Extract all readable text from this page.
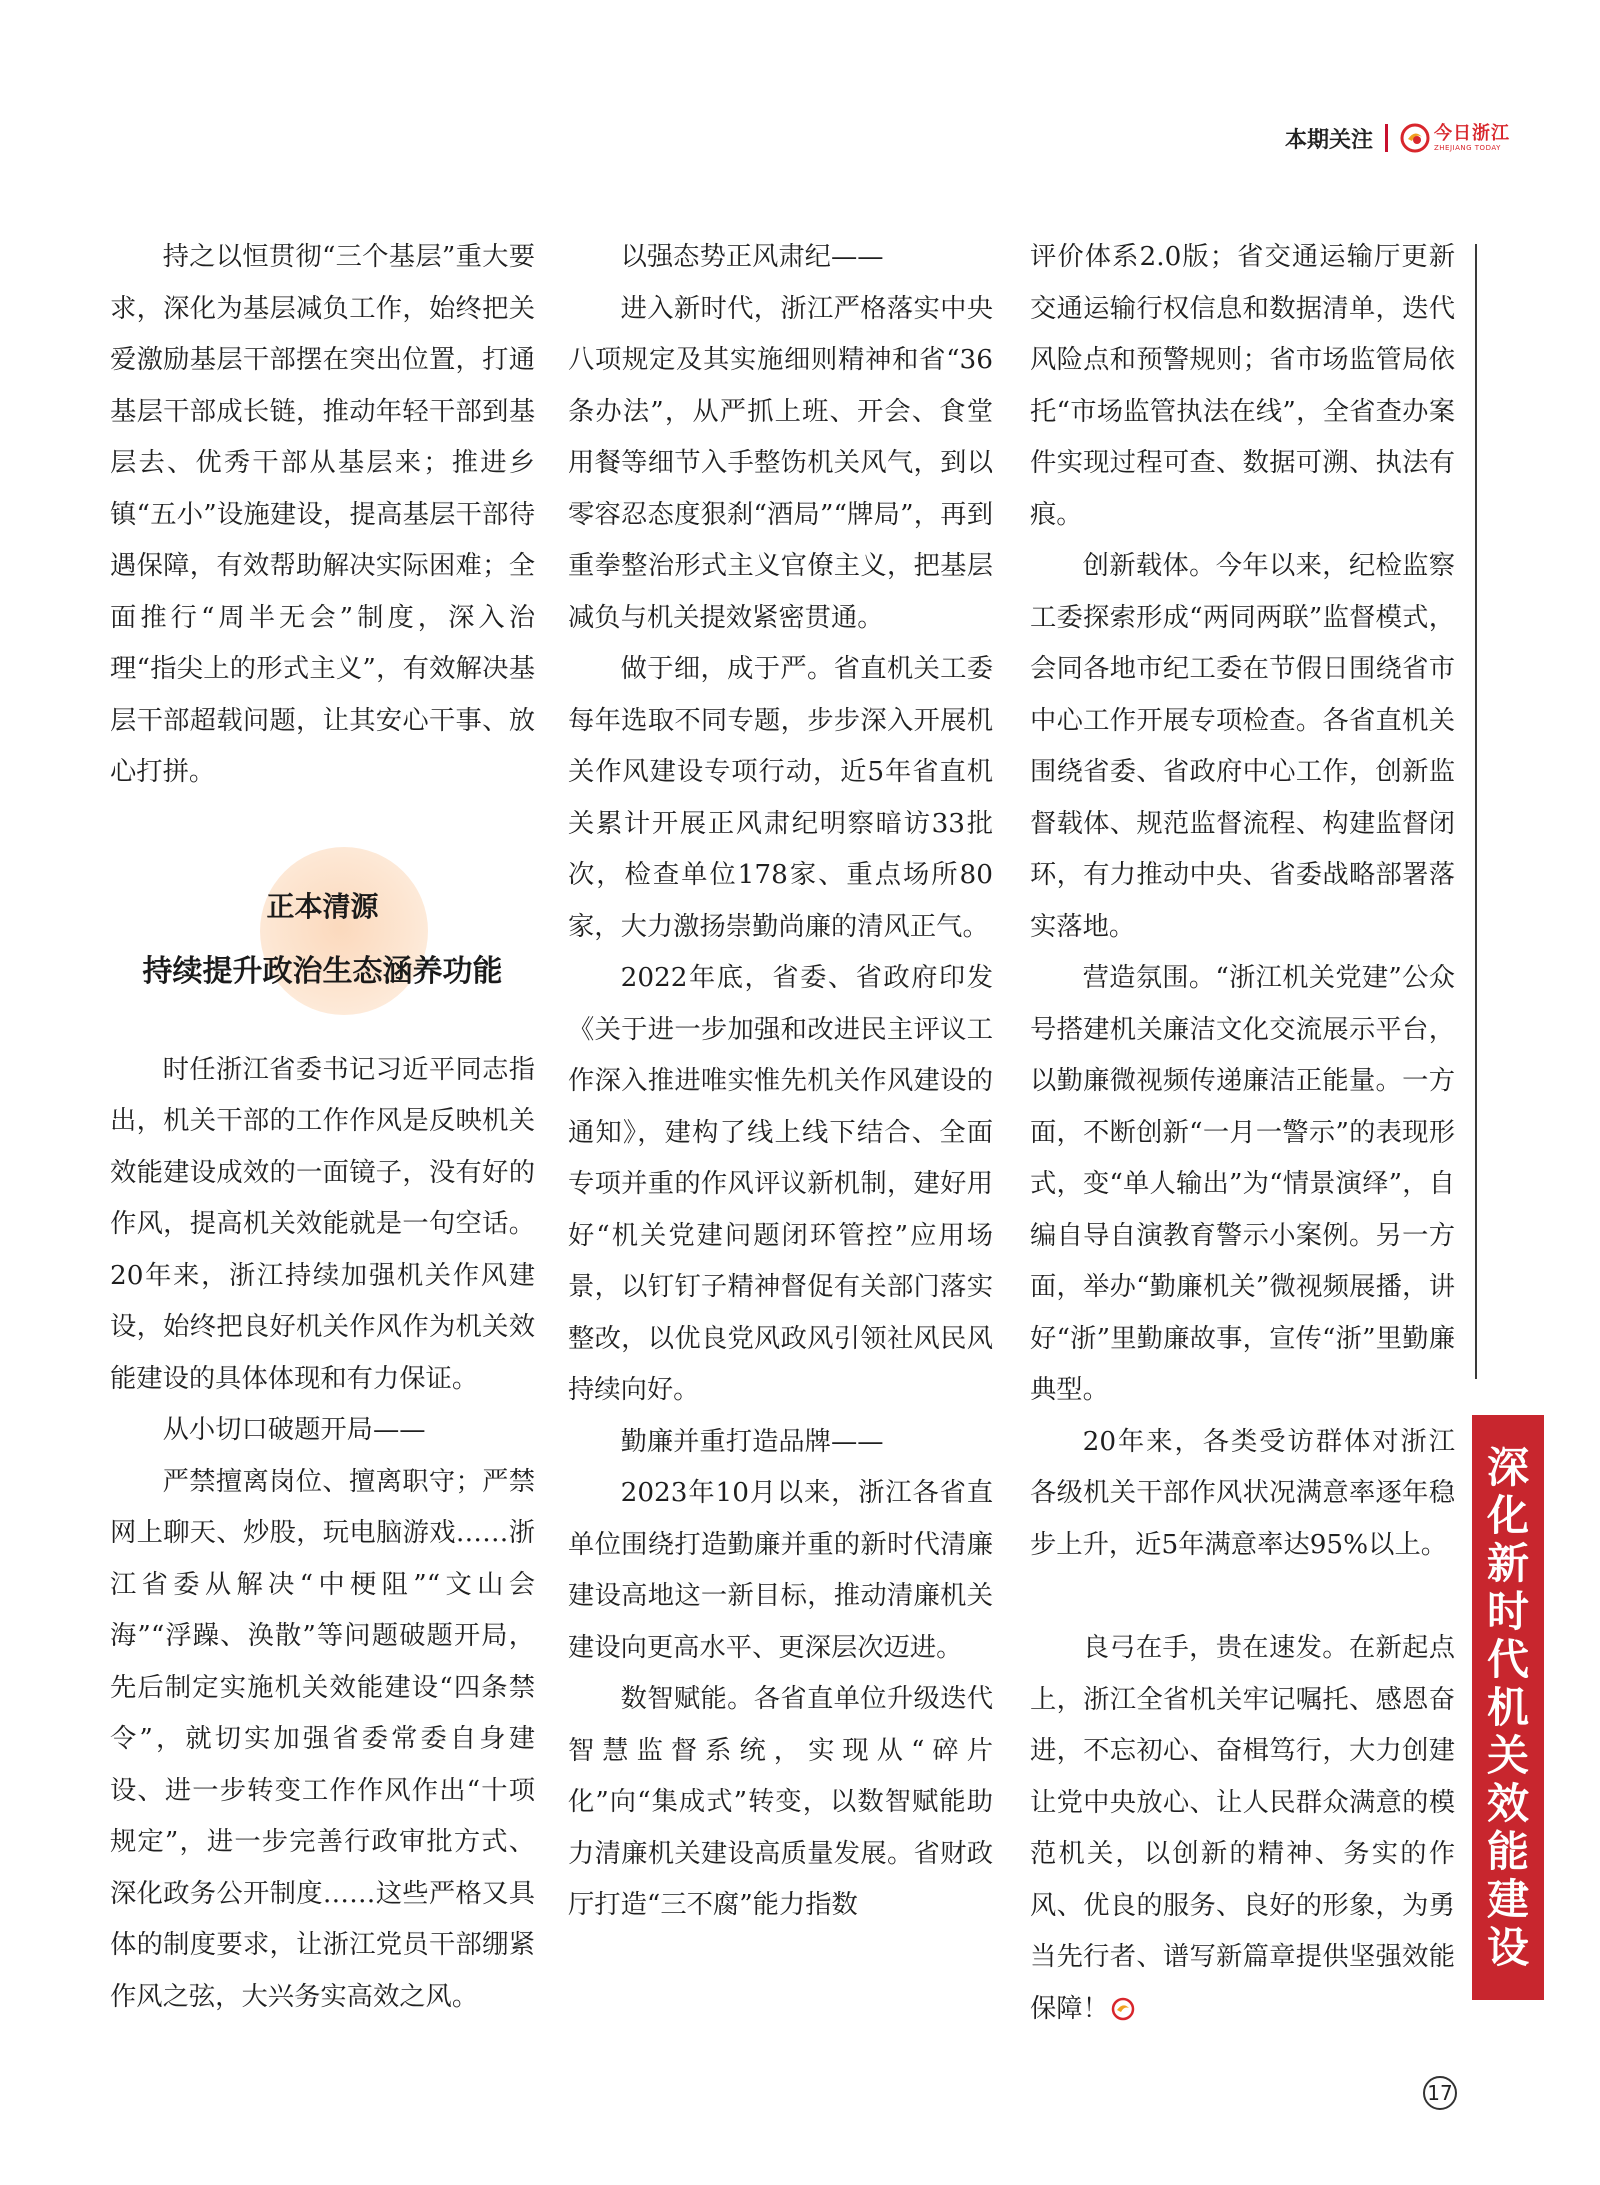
本期关注	今日浙江
ZHEJIANG TODAY

持之以恒贯彻“三个基层”重大要求，深化为基层减负工作，始终把关爱激励基层干部摆在突出位置，打通基层干部成长链，推动年轻干部到基层去、优秀干部从基层来；推进乡镇“五小”设施建设，提高基层干部待遇保障，有效帮助解决实际困难；全面推行“周半无会”制度，深入治理“指尖上的形式主义”，有效解决基层干部超载问题，让其安心干事、放心打拼。

正本清源
持续提升政治生态涵养功能

时任浙江省委书记习近平同志指出，机关干部的工作作风是反映机关效能建设成效的一面镜子，没有好的作风，提高机关效能就是一句空话。20年来，浙江持续加强机关作风建设，始终把良好机关作风作为机关效能建设的具体体现和有力保证。

从小切口破题开局——

严禁擅离岗位、擅离职守；严禁网上聊天、炒股，玩电脑游戏……浙江省委从解决“中梗阻”“文山会海”“浮躁、涣散”等问题破题开局，先后制定实施机关效能建设“四条禁令”，就切实加强省委常委自身建设、进一步转变工作作风作出“十项规定”，进一步完善行政审批方式、深化政务公开制度……这些严格又具体的制度要求，让浙江党员干部绷紧作风之弦，大兴务实高效之风。

以强态势正风肃纪——

进入新时代，浙江严格落实中央八项规定及其实施细则精神和省“36条办法”，从严抓上班、开会、食堂用餐等细节入手整饬机关风气，到以零容忍态度狠刹“酒局”“牌局”，再到重拳整治形式主义官僚主义，把基层减负与机关提效紧密贯通。

做于细，成于严。省直机关工委每年选取不同专题，步步深入开展机关作风建设专项行动，近5年省直机关累计开展正风肃纪明察暗访33批次，检查单位178家、重点场所80家，大力激扬崇勤尚廉的清风正气。

2022年底，省委、省政府印发《关于进一步加强和改进民主评议工作深入推进唯实惟先机关作风建设的通知》，建构了线上线下结合、全面专项并重的作风评议新机制，建好用好“机关党建问题闭环管控”应用场景，以钉钉子精神督促有关部门落实整改，以优良党风政风引领社风民风持续向好。

勤廉并重打造品牌——

2023年10月以来，浙江各省直单位围绕打造勤廉并重的新时代清廉建设高地这一新目标，推动清廉机关建设向更高水平、更深层次迈进。

数智赋能。各省直单位升级迭代智慧监督系统，实现从“碎片化”向“集成式”转变，以数智赋能助力清廉机关建设高质量发展。省财政厅打造“三不腐”能力指数

评价体系2.0版；省交通运输厅更新交通运输行权信息和数据清单，迭代风险点和预警规则；省市场监管局依托“市场监管执法在线”，全省查办案件实现过程可查、数据可溯、执法有痕。

创新载体。今年以来，纪检监察工委探索形成“两同两联”监督模式，会同各地市纪工委在节假日围绕省市中心工作开展专项检查。各省直机关围绕省委、省政府中心工作，创新监督载体、规范监督流程、构建监督闭环，有力推动中央、省委战略部署落实落地。

营造氛围。“浙江机关党建”公众号搭建机关廉洁文化交流展示平台，以勤廉微视频传递廉洁正能量。一方面，不断创新“一月一警示”的表现形式，变“单人输出”为“情景演绎”，自编自导自演教育警示小案例。另一方面，举办“勤廉机关”微视频展播，讲好“浙”里勤廉故事，宣传“浙”里勤廉典型。

20年来，各类受访群体对浙江各级机关干部作风状况满意率逐年稳步上升，近5年满意率达95%以上。

良弓在手，贵在速发。在新起点上，浙江全省机关牢记嘱托、感恩奋进，不忘初心、奋楫笃行，大力创建让党中央放心、让人民群众满意的模范机关，以创新的精神、务实的作风、优良的服务、良好的形象，为勇当先行者、谱写新篇章提供坚强效能保障！

深
化
新
时
代
机
关
效
能
建
设
17
